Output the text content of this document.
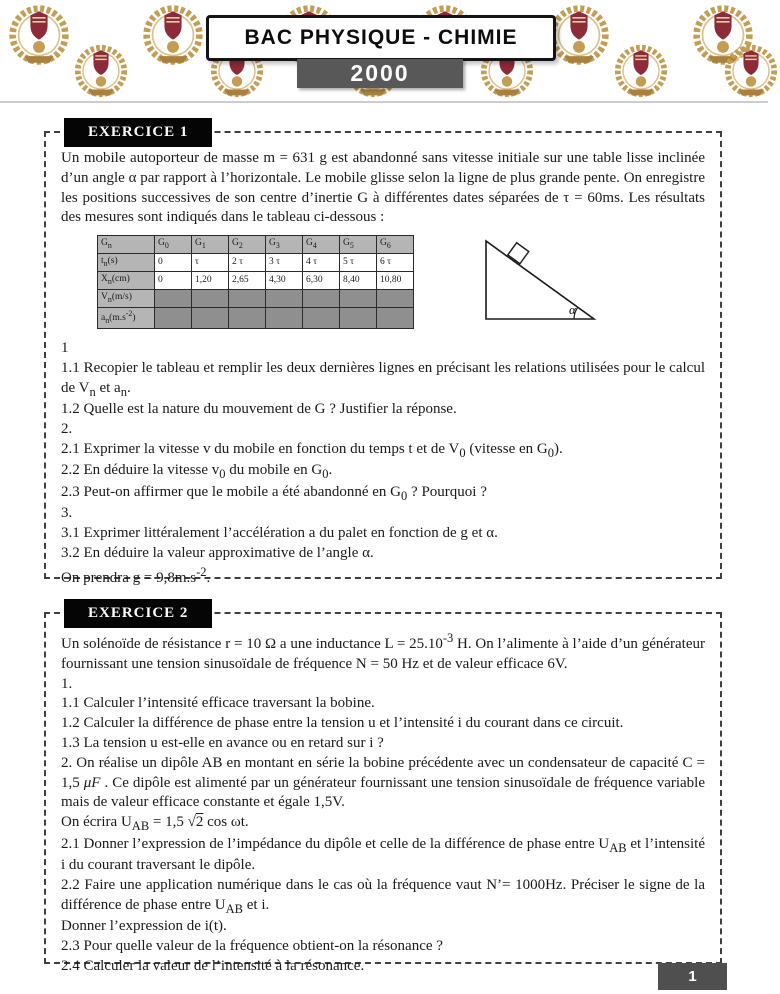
BAC PHYSIQUE - CHIMIE
2000
EXERCICE 1

Un mobile autoporteur de masse m = 631 g est abandonné sans vitesse initiale sur une table lisse inclinée d’un angle α par rapport à l’horizontale. Le mobile glisse selon la ligne de plus grande pente. On enregistre les positions successives de son centre d’inertie G à différentes dates séparées de τ = 60ms. Les résultats des mesures sont indiqués dans le tableau ci-dessous :

$G_n$	$G_0$	$G_1$	$G_2$	$G_3$	$G_4$	$G_5$	$G_6$
$t_n(s)$	0	τ	2 τ	3 τ	4 τ	5 τ	6 τ
$X_n(cm)$	0	1,20	2,65	4,30	6,30	8,40	10,80
$V_n(m/s)$							
$a_n(m.s^{-2})$							
α

1

1.1 Recopier le tableau et remplir les deux dernières lignes en précisant les relations utilisées pour le calcul de $V_n$ et $a_n$.

1.2 Quelle est la nature du mouvement de G ? Justifier la réponse.

2.

2.1 Exprimer la vitesse v du mobile en fonction du temps t et de $V_0$ (vitesse en $G_0$).

2.2 En déduire la vitesse $v_0$ du mobile en $G_0$.

2.3 Peut-on affirmer que le mobile a été abandonné en $G_0$ ? Pourquoi ?

3.

3.1 Exprimer littéralement l’accélération a du palet en fonction de g et α.

3.2 En déduire la valeur approximative de l’angle α.

On prendra $g = 9,8m.s^{-2}$.

EXERCICE 2

Un solénoïde de résistance r = 10 Ω a une inductance $L = 25.10^{-3}$ H. On l’alimente à l’aide d’un générateur fournissant une tension sinusoïdale de fréquence N = 50 Hz et de valeur efficace 6V.

1.

1.1 Calculer l’intensité efficace traversant la bobine.

1.2 Calculer la différence de phase entre la tension u et l’intensité i du courant dans ce circuit.

1.3 La tension u est-elle en avance ou en retard sur i ?

2. On réalise un dipôle AB en montant en série la bobine précédente avec un condensateur de capacité C = 1,5 μF . Ce dipôle est alimenté par un générateur fournissant une tension sinusoïdale de fréquence variable mais de valeur efficace constante et égale 1,5V.

On écrira $U_{AB} = 1,5$ √2 cos ωt.

2.1 Donner l’expression de l’impédance du dipôle et celle de la différence de phase entre $U_{AB}$ et l’intensité i du courant traversant le dipôle.

2.2 Faire une application numérique dans le cas où la fréquence vaut N’= 1000Hz. Préciser le signe de la différence de phase entre $U_{AB}$ et i.

Donner l’expression de i(t).

2.3 Pour quelle valeur de la fréquence obtient-on la résonance ?

2.4 Calculer la valeur de l’intensité à la résonance.

1
